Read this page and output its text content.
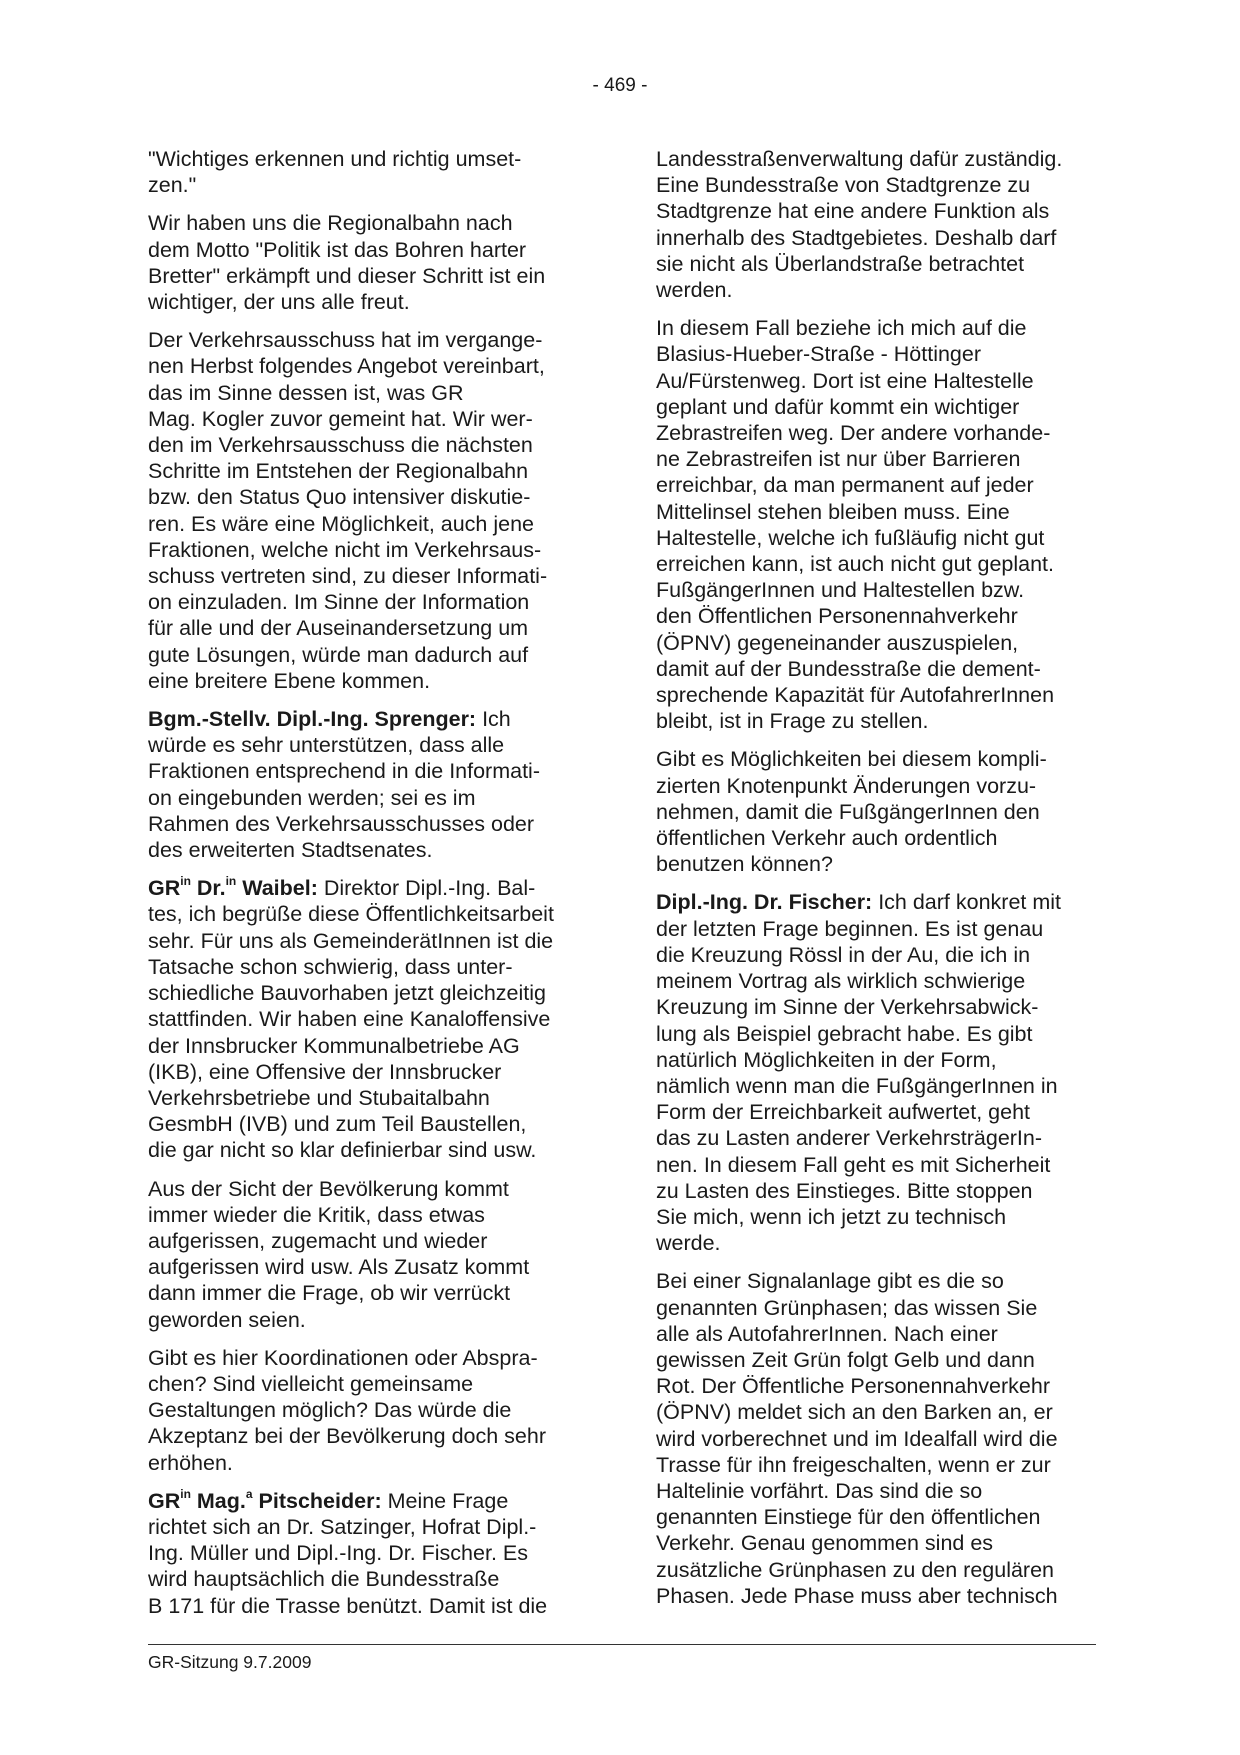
- 469 -

"Wichtiges erkennen und richtig umset-
zen."

Wir haben uns die Regionalbahn nach
dem Motto "Politik ist das Bohren harter
Bretter" erkämpft und dieser Schritt ist ein
wichtiger, der uns alle freut.

Der Verkehrsausschuss hat im vergange-
nen Herbst folgendes Angebot vereinbart,
das im Sinne dessen ist, was GR
Mag. Kogler zuvor gemeint hat. Wir wer-
den im Verkehrsausschuss die nächsten
Schritte im Entstehen der Regionalbahn
bzw. den Status Quo intensiver diskutie-
ren. Es wäre eine Möglichkeit, auch jene
Fraktionen, welche nicht im Verkehrsaus-
schuss vertreten sind, zu dieser Informati-
on einzuladen. Im Sinne der Information
für alle und der Auseinandersetzung um
gute Lösungen, würde man dadurch auf
eine breitere Ebene kommen.

Bgm.-Stellv. Dipl.-Ing. Sprenger: Ich
würde es sehr unterstützen, dass alle
Fraktionen entsprechend in die Informati-
on eingebunden werden; sei es im
Rahmen des Verkehrsausschusses oder
des erweiterten Stadtsenates.

$GR^{in}$ Dr.$^{in}$ Waibel: Direktor Dipl.-Ing. Bal-
tes, ich begrüße diese Öffentlichkeitsarbeit
sehr. Für uns als GemeinderätInnen ist die
Tatsache schon schwierig, dass unter-
schiedliche Bauvorhaben jetzt gleichzeitig
stattfinden. Wir haben eine Kanaloffensive
der Innsbrucker Kommunalbetriebe AG
(IKB), eine Offensive der Innsbrucker
Verkehrsbetriebe und Stubaitalbahn
GesmbH (IVB) und zum Teil Baustellen,
die gar nicht so klar definierbar sind usw.

Aus der Sicht der Bevölkerung kommt
immer wieder die Kritik, dass etwas
aufgerissen, zugemacht und wieder
aufgerissen wird usw. Als Zusatz kommt
dann immer die Frage, ob wir verrückt
geworden seien.

Gibt es hier Koordinationen oder Abspra-
chen? Sind vielleicht gemeinsame
Gestaltungen möglich? Das würde die
Akzeptanz bei der Bevölkerung doch sehr
erhöhen.

$GR^{in}$ Mag.$^a$ Pitscheider: Meine Frage
richtet sich an Dr. Satzinger, Hofrat Dipl.-
Ing. Müller und Dipl.-Ing. Dr. Fischer. Es
wird hauptsächlich die Bundesstraße
B 171 für die Trasse benützt. Damit ist die

Landesstraßenverwaltung dafür zuständig.
Eine Bundesstraße von Stadtgrenze zu
Stadtgrenze hat eine andere Funktion als
innerhalb des Stadtgebietes. Deshalb darf
sie nicht als Überlandstraße betrachtet
werden.

In diesem Fall beziehe ich mich auf die
Blasius-Hueber-Straße - Höttinger
Au/Fürstenweg. Dort ist eine Haltestelle
geplant und dafür kommt ein wichtiger
Zebrastreifen weg. Der andere vorhande-
ne Zebrastreifen ist nur über Barrieren
erreichbar, da man permanent auf jeder
Mittelinsel stehen bleiben muss. Eine
Haltestelle, welche ich fußläufig nicht gut
erreichen kann, ist auch nicht gut geplant.
FußgängerInnen und Haltestellen bzw.
den Öffentlichen Personennahverkehr
(ÖPNV) gegeneinander auszuspielen,
damit auf der Bundesstraße die dement-
sprechende Kapazität für AutofahrerInnen
bleibt, ist in Frage zu stellen.

Gibt es Möglichkeiten bei diesem kompli-
zierten Knotenpunkt Änderungen vorzu-
nehmen, damit die FußgängerInnen den
öffentlichen Verkehr auch ordentlich
benutzen können?

Dipl.-Ing. Dr. Fischer: Ich darf konkret mit
der letzten Frage beginnen. Es ist genau
die Kreuzung Rössl in der Au, die ich in
meinem Vortrag als wirklich schwierige
Kreuzung im Sinne der Verkehrsabwick-
lung als Beispiel gebracht habe. Es gibt
natürlich Möglichkeiten in der Form,
nämlich wenn man die FußgängerInnen in
Form der Erreichbarkeit aufwertet, geht
das zu Lasten anderer VerkehrsträgerIn-
nen. In diesem Fall geht es mit Sicherheit
zu Lasten des Einstieges. Bitte stoppen
Sie mich, wenn ich jetzt zu technisch
werde.

Bei einer Signalanlage gibt es die so
genannten Grünphasen; das wissen Sie
alle als AutofahrerInnen. Nach einer
gewissen Zeit Grün folgt Gelb und dann
Rot. Der Öffentliche Personennahverkehr
(ÖPNV) meldet sich an den Barken an, er
wird vorberechnet und im Idealfall wird die
Trasse für ihn freigeschalten, wenn er zur
Haltelinie vorfährt. Das sind die so
genannten Einstiege für den öffentlichen
Verkehr. Genau genommen sind es
zusätzliche Grünphasen zu den regulären
Phasen. Jede Phase muss aber technisch

GR-Sitzung 9.7.2009
